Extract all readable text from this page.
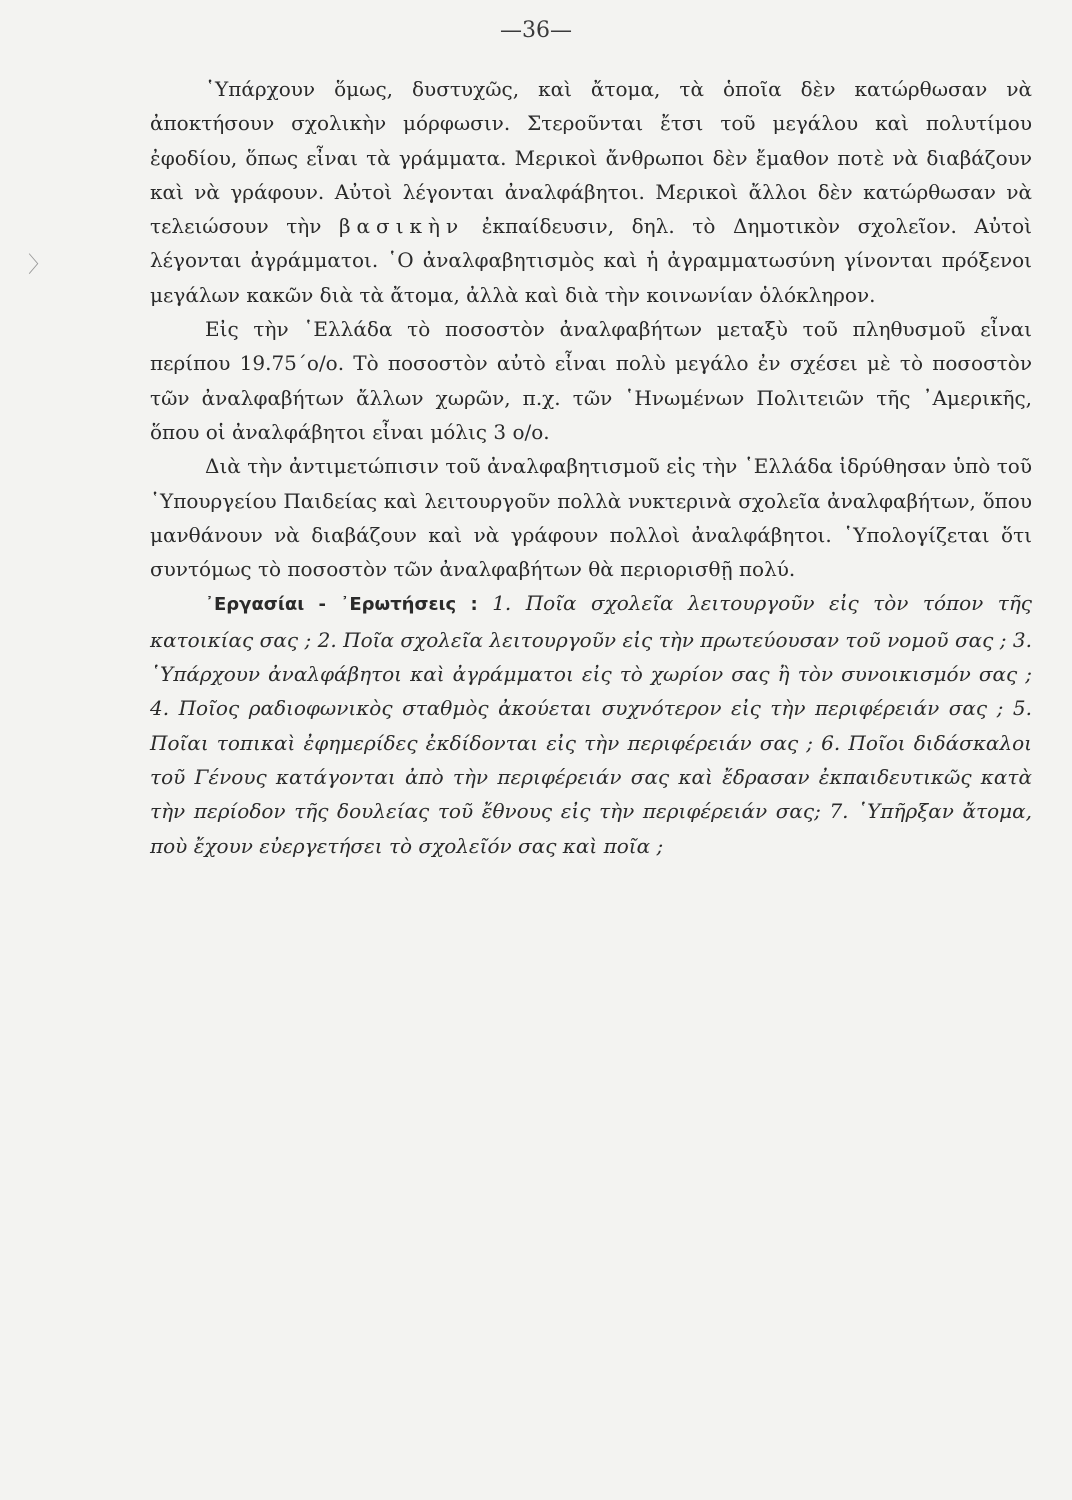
—36—
〉

῾Υπάρχουν ὅμως, δυστυχῶς, καὶ ἄτομα, τὰ ὁποῖα δὲν κατώρθωσαν νὰ ἀποκτήσουν σχολικὴν μόρφωσιν. Στεροῦνται ἔτσι τοῦ μεγάλου καὶ πολυτίμου ἐφοδίου, ὅπως εἶναι τὰ γράμματα. Μερικοὶ ἄνθρωποι δὲν ἔμαθον ποτὲ νὰ διαβάζουν καὶ νὰ γράφουν. Αὐτοὶ λέγονται ἀναλφάβητοι. Μερικοὶ ἄλλοι δὲν κατώρθωσαν νὰ τελειώσουν τὴν βασικὴν ἐκπαίδευσιν, δηλ. τὸ Δημοτικὸν σχολεῖον. Αὐτοὶ λέγονται ἀγράμματοι. ῾Ο ἀναλφαβητισμὸς καὶ ἡ ἀγραμματωσύνη γίνονται πρόξενοι μεγάλων κακῶν διὰ τὰ ἄτομα, ἀλλὰ καὶ διὰ τὴν κοινωνίαν ὁλόκληρον.

Εἰς τὴν ῾Ελλάδα τὸ ποσοστὸν ἀναλφαβήτων μεταξὺ τοῦ πληθυσμοῦ εἶναι περίπου 19.75΄ο/ο. Τὸ ποσοστὸν αὐτὸ εἶναι πολὺ μεγάλο ἐν σχέσει μὲ τὸ ποσοστὸν τῶν ἀναλφαβήτων ἄλλων χωρῶν, π.χ. τῶν ῾Ηνωμένων Πολιτειῶν τῆς ᾿Αμερικῆς, ὅπου οἱ ἀναλφάβητοι εἶναι μόλις 3 ο/ο.

Διὰ τὴν ἀντιμετώπισιν τοῦ ἀναλφαβητισμοῦ εἰς τὴν ῾Ελλάδα ἱδρύθησαν ὑπὸ τοῦ ῾Υπουργείου Παιδείας καὶ λειτουργοῦν πολλὰ νυκτερινὰ σχολεῖα ἀναλφαβήτων, ὅπου μανθάνουν νὰ διαβάζουν καὶ νὰ γράφουν πολλοὶ ἀναλφάβητοι. ῾Υπολογίζεται ὅτι συντόμως τὸ ποσοστὸν τῶν ἀναλφαβήτων θὰ περιορισθῇ πολύ.

᾿Εργασίαι - ᾿Ερωτήσεις : 1. Ποῖα σχολεῖα λειτουργοῦν εἰς τὸν τόπον τῆς κατοικίας σας ; 2. Ποῖα σχολεῖα λειτουργοῦν εἰς τὴν πρωτεύουσαν τοῦ νομοῦ σας ; 3. ῾Υπάρχουν ἀναλφάβητοι καὶ ἀγράμματοι εἰς τὸ χωρίον σας ἢ τὸν συνοικισμόν σας ; 4. Ποῖος ραδιοφωνικὸς σταθμὸς ἀκούεται συχνότερον εἰς τὴν περιφέρειάν σας ; 5. Ποῖαι τοπικαὶ ἐφημερίδες ἐκδίδονται εἰς τὴν περιφέρειάν σας ; 6. Ποῖοι διδάσκαλοι τοῦ Γένους κατάγονται ἀπὸ τὴν περιφέρειάν σας καὶ ἔδρασαν ἐκπαιδευτικῶς κατὰ τὴν περίοδον τῆς δουλείας τοῦ ἔθνους εἰς τὴν περιφέρειάν σας; 7. ῾Υπῆρξαν ἄτομα, ποὺ ἔχουν εὐεργετήσει τὸ σχολεῖόν σας καὶ ποῖα ;
